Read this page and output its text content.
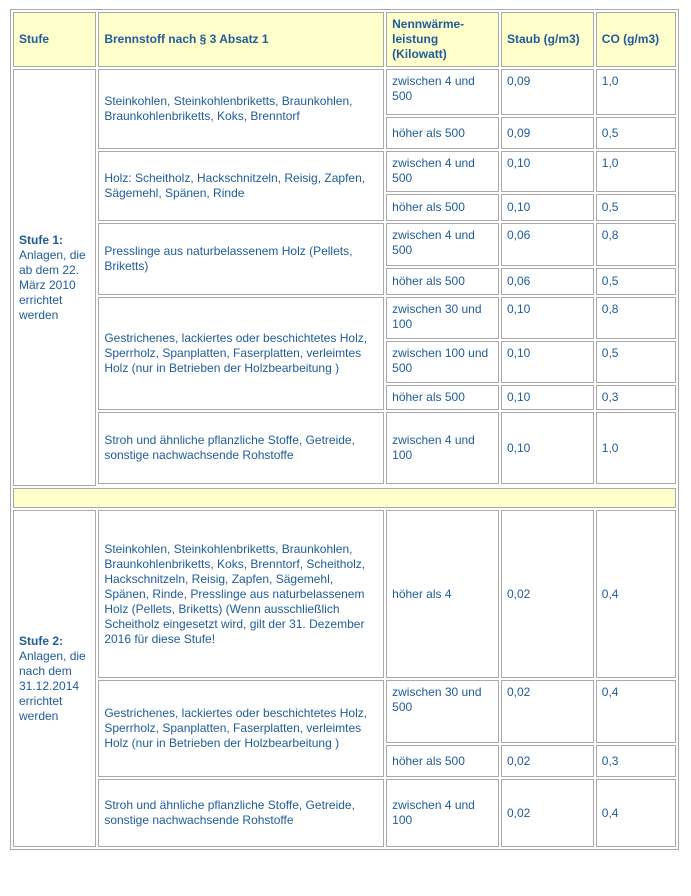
Stufe	Brennstoff nach § 3 Absatz 1	Nennwärme- leistung (Kilowatt)	Staub (g/m3)	CO (g/m3)
Stufe 1:
Anlagen, die ab dem 22. März 2010 errichtet werden	Steinkohlen, Steinkohlenbriketts, Braunkohlen, Braunkohlenbriketts, Koks, Brenntorf	zwischen 4 und 500	0,09	1,0
		höher als 500	0,09	0,5
	Holz: Scheitholz, Hackschnitzeln, Reisig, Zapfen, Sägemehl, Spänen, Rinde	zwischen 4 und 500	0,10	1,0
		höher als 500	0,10	0,5
	Presslinge aus naturbelassenem Holz (Pellets, Briketts)	zwischen 4 und 500	0,06	0,8
		höher als 500	0,06	0,5
	Gestrichenes, lackiertes oder beschichtetes Holz, Sperrholz, Spanplatten, Faserplatten, verleimtes Holz (nur in Betrieben der Holzbearbeitung )	zwischen 30 und 100	0,10	0,8
		zwischen 100 und 500	0,10	0,5
		höher als 500	0,10	0,3
	Stroh und ähnliche pflanzliche Stoffe, Getreide, sonstige nachwachsende Rohstoffe	zwischen 4 und 100	0,10	1,0

Stufe 2:
Anlagen, die nach dem 31.12.2014 errichtet werden	Steinkohlen, Steinkohlenbriketts, Braunkohlen, Braunkohlenbriketts, Koks, Brenntorf, Scheitholz, Hackschnitzeln, Reisig, Zapfen, Sägemehl, Spänen, Rinde, Presslinge aus naturbelassenem Holz (Pellets, Briketts) (Wenn ausschließlich Scheitholz eingesetzt wird, gilt der 31. Dezember 2016 für diese Stufe!	höher als 4	0,02	0,4
	Gestrichenes, lackiertes oder beschichtetes Holz, Sperrholz, Spanplatten, Faserplatten, verleimtes Holz (nur in Betrieben der Holzbearbeitung )	zwischen 30 und 500	0,02	0,4
		höher als 500	0,02	0,3
	Stroh und ähnliche pflanzliche Stoffe, Getreide, sonstige nachwachsende Rohstoffe	zwischen 4 und 100	0,02	0,4
